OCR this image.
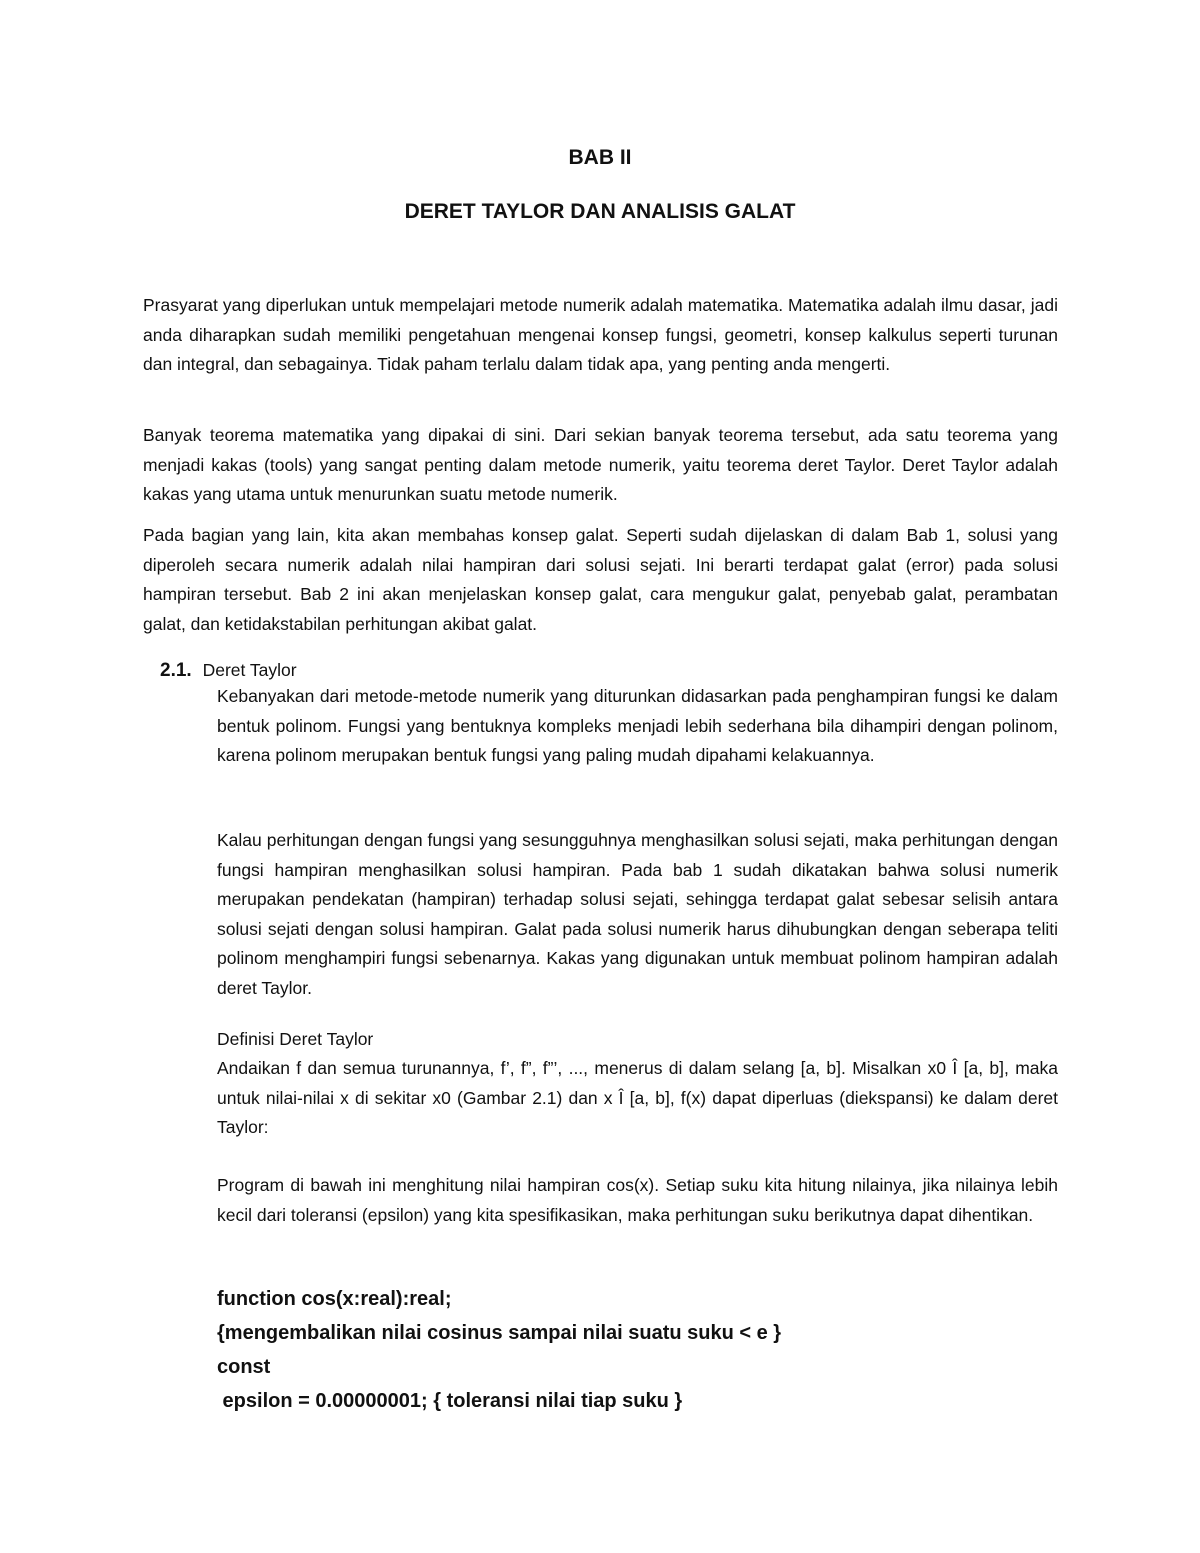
BAB II
DERET TAYLOR DAN ANALISIS GALAT

Prasyarat yang diperlukan untuk mempelajari metode numerik adalah matematika. Matematika adalah ilmu dasar, jadi anda diharapkan sudah memiliki pengetahuan mengenai konsep fungsi, geometri, konsep kalkulus seperti turunan dan integral, dan sebagainya. Tidak paham terlalu dalam tidak apa, yang penting anda mengerti.

Banyak teorema matematika yang dipakai di sini. Dari sekian banyak teorema tersebut, ada satu teorema yang menjadi kakas (tools) yang sangat penting dalam metode numerik, yaitu teorema deret Taylor. Deret Taylor adalah kakas yang utama untuk menurunkan suatu metode numerik.

Pada bagian yang lain, kita akan membahas konsep galat. Seperti sudah dijelaskan di dalam Bab 1, solusi yang diperoleh secara numerik adalah nilai hampiran dari solusi sejati. Ini berarti terdapat galat (error) pada solusi hampiran tersebut. Bab 2 ini akan menjelaskan konsep galat, cara mengukur galat, penyebab galat, perambatan galat, dan ketidakstabilan perhitungan akibat galat.

2.1. Deret Taylor

Kebanyakan dari metode-metode numerik yang diturunkan didasarkan pada penghampiran fungsi ke dalam bentuk polinom. Fungsi yang bentuknya kompleks menjadi lebih sederhana bila dihampiri dengan polinom, karena polinom merupakan bentuk fungsi yang paling mudah dipahami kelakuannya.

Kalau perhitungan dengan fungsi yang sesungguhnya menghasilkan solusi sejati, maka perhitungan dengan fungsi hampiran menghasilkan solusi hampiran. Pada bab 1 sudah dikatakan bahwa solusi numerik merupakan pendekatan (hampiran) terhadap solusi sejati, sehingga terdapat galat sebesar selisih antara solusi sejati dengan solusi hampiran. Galat pada solusi numerik harus dihubungkan dengan seberapa teliti polinom menghampiri fungsi sebenarnya. Kakas yang digunakan untuk membuat polinom hampiran adalah deret Taylor.

Definisi Deret Taylor

Andaikan f dan semua turunannya, f’, f”, f”’, ..., menerus di dalam selang [a, b]. Misalkan x0 Î [a, b], maka untuk nilai-nilai x di sekitar x0 (Gambar 2.1) dan x Î [a, b], f(x) dapat diperluas (diekspansi) ke dalam deret Taylor:

Program di bawah ini menghitung nilai hampiran cos(x). Setiap suku kita hitung nilainya, jika nilainya lebih kecil dari toleransi (epsilon) yang kita spesifikasikan, maka perhitungan suku berikutnya dapat dihentikan.

function cos(x:real):real;
{mengembalikan nilai cosinus sampai nilai suatu suku < e }
const
epsilon = 0.00000001; { toleransi nilai tiap suku }
